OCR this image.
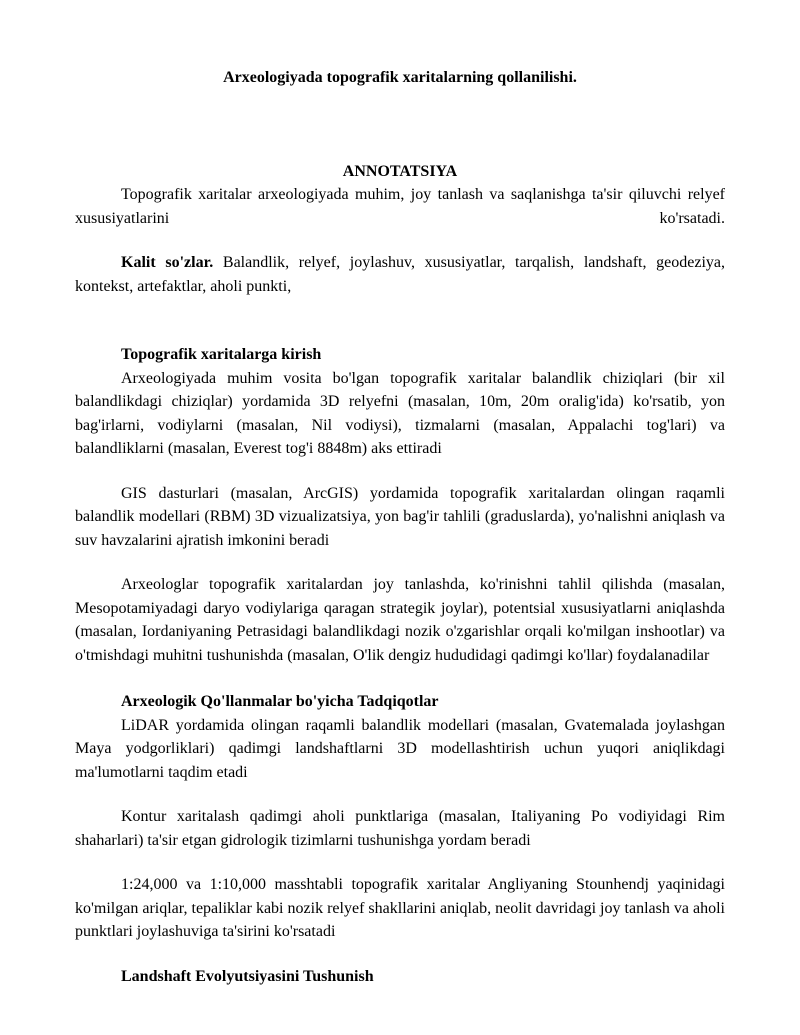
Arxeologiyada topografik xaritalarning qollanilishi.
ANNOTATSIYA

Topografik xaritalar arxeologiyada muhim, joy tanlash va saqlanishga ta'sir qiluvchi relyef xususiyatlarini ko'rsatadi.

Kalit so'zlar. Balandlik, relyef, joylashuv, xususiyatlar, tarqalish, landshaft, geodeziya, kontekst, artefaktlar, aholi punkti,

Topografik xaritalarga kirish

Arxeologiyada muhim vosita bo'lgan topografik xaritalar balandlik chiziqlari (bir xil balandlikdagi chiziqlar) yordamida 3D relyefni (masalan, 10m, 20m oralig'ida) ko'rsatib, yon bag'irlarni, vodiylarni (masalan, Nil vodiysi), tizmalarni (masalan, Appalachi tog'lari) va balandliklarni (masalan, Everest tog'i 8848m) aks ettiradi

GIS dasturlari (masalan, ArcGIS) yordamida topografik xaritalardan olingan raqamli balandlik modellari (RBM) 3D vizualizatsiya, yon bag'ir tahlili (graduslarda), yo'nalishni aniqlash va suv havzalarini ajratish imkonini beradi

Arxeologlar topografik xaritalardan joy tanlashda, ko'rinishni tahlil qilishda (masalan, Mesopotamiyadagi daryo vodiylariga qaragan strategik joylar), potentsial xususiyatlarni aniqlashda (masalan, Iordaniyaning Petrasidagi balandlikdagi nozik o'zgarishlar orqali ko'milgan inshootlar) va o'tmishdagi muhitni tushunishda (masalan, O'lik dengiz hududidagi qadimgi ko'llar) foydalanadilar

Arxeologik Qo'llanmalar bo'yicha Tadqiqotlar

LiDAR yordamida olingan raqamli balandlik modellari (masalan, Gvatemalada joylashgan Maya yodgorliklari) qadimgi landshaftlarni 3D modellashtirish uchun yuqori aniqlikdagi ma'lumotlarni taqdim etadi

Kontur xaritalash qadimgi aholi punktlariga (masalan, Italiyaning Po vodiyidagi Rim shaharlari) ta'sir etgan gidrologik tizimlarni tushunishga yordam beradi

1:24,000 va 1:10,000 masshtabli topografik xaritalar Angliyaning Stounhendj yaqinidagi ko'milgan ariqlar, tepaliklar kabi nozik relyef shakllarini aniqlab, neolit davridagi joy tanlash va aholi punktlari joylashuviga ta'sirini ko'rsatadi

Landshaft Evolyutsiyasini Tushunish
